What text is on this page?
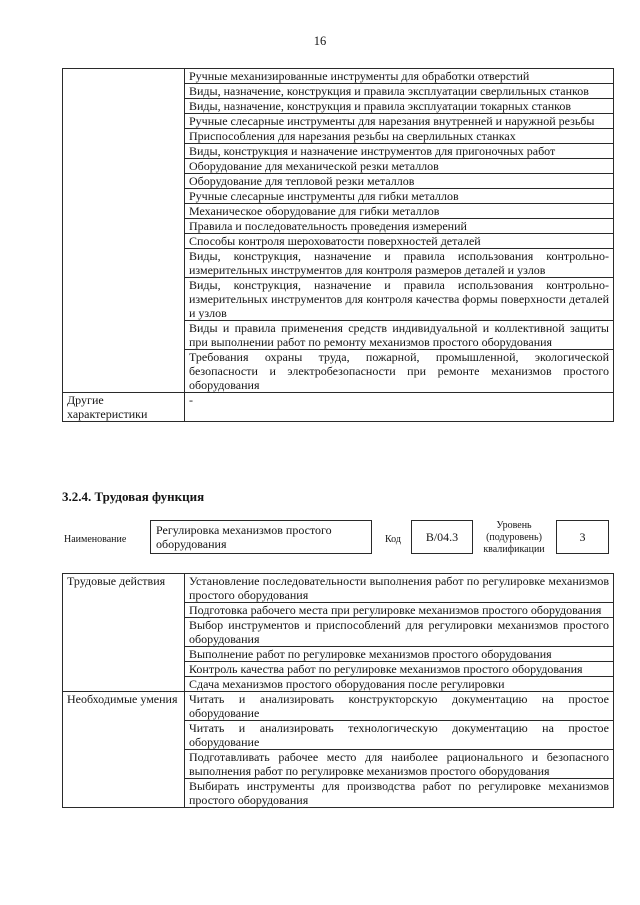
16
	Ручные механизированные инструменты для обработки отверстий
	Виды, назначение, конструкция и правила эксплуатации сверлильных станков
	Виды, назначение, конструкция и правила эксплуатации токарных станков
	Ручные слесарные инструменты для нарезания внутренней и наружной резьбы
	Приспособления для нарезания резьбы на сверлильных станках
	Виды, конструкция и назначение инструментов для пригоночных работ
	Оборудование для механической резки металлов
	Оборудование для тепловой резки металлов
	Ручные слесарные инструменты для гибки металлов
	Механическое оборудование для гибки металлов
	Правила и последовательность проведения измерений
	Способы контроля шероховатости поверхностей деталей
	Виды, конструкция, назначение и правила использования контрольно-измерительных инструментов для контроля размеров деталей и узлов
	Виды, конструкция, назначение и правила использования контрольно-измерительных инструментов для контроля качества формы поверхности деталей и узлов
	Виды и правила применения средств индивидуальной и коллективной защиты при выполнении работ по ремонту механизмов простого оборудования
	Требования охраны труда, пожарной, промышленной, экологической безопасности и электробезопасности при ремонте механизмов простого оборудования
Другие характеристики	-
3.2.4. Трудовая функция
Наименование
Регулировка механизмов простого оборудования	Код	В/04.3
Уровень (подуровень) квалификации
3
Трудовые действия	Установление последовательности выполнения работ по регулировке механизмов простого оборудования
	Подготовка рабочего места при регулировке механизмов простого оборудования
	Выбор инструментов и приспособлений для регулировки механизмов простого оборудования
	Выполнение работ по регулировке механизмов простого оборудования
	Контроль качества работ по регулировке механизмов простого оборудования
	Сдача механизмов простого оборудования после регулировки
Необходимые умения	Читать и анализировать конструкторскую документацию на простое оборудование
	Читать и анализировать технологическую документацию на простое оборудование
	Подготавливать рабочее место для наиболее рационального и безопасного выполнения работ по регулировке механизмов простого оборудования
	Выбирать инструменты для производства работ по регулировке механизмов простого оборудования
